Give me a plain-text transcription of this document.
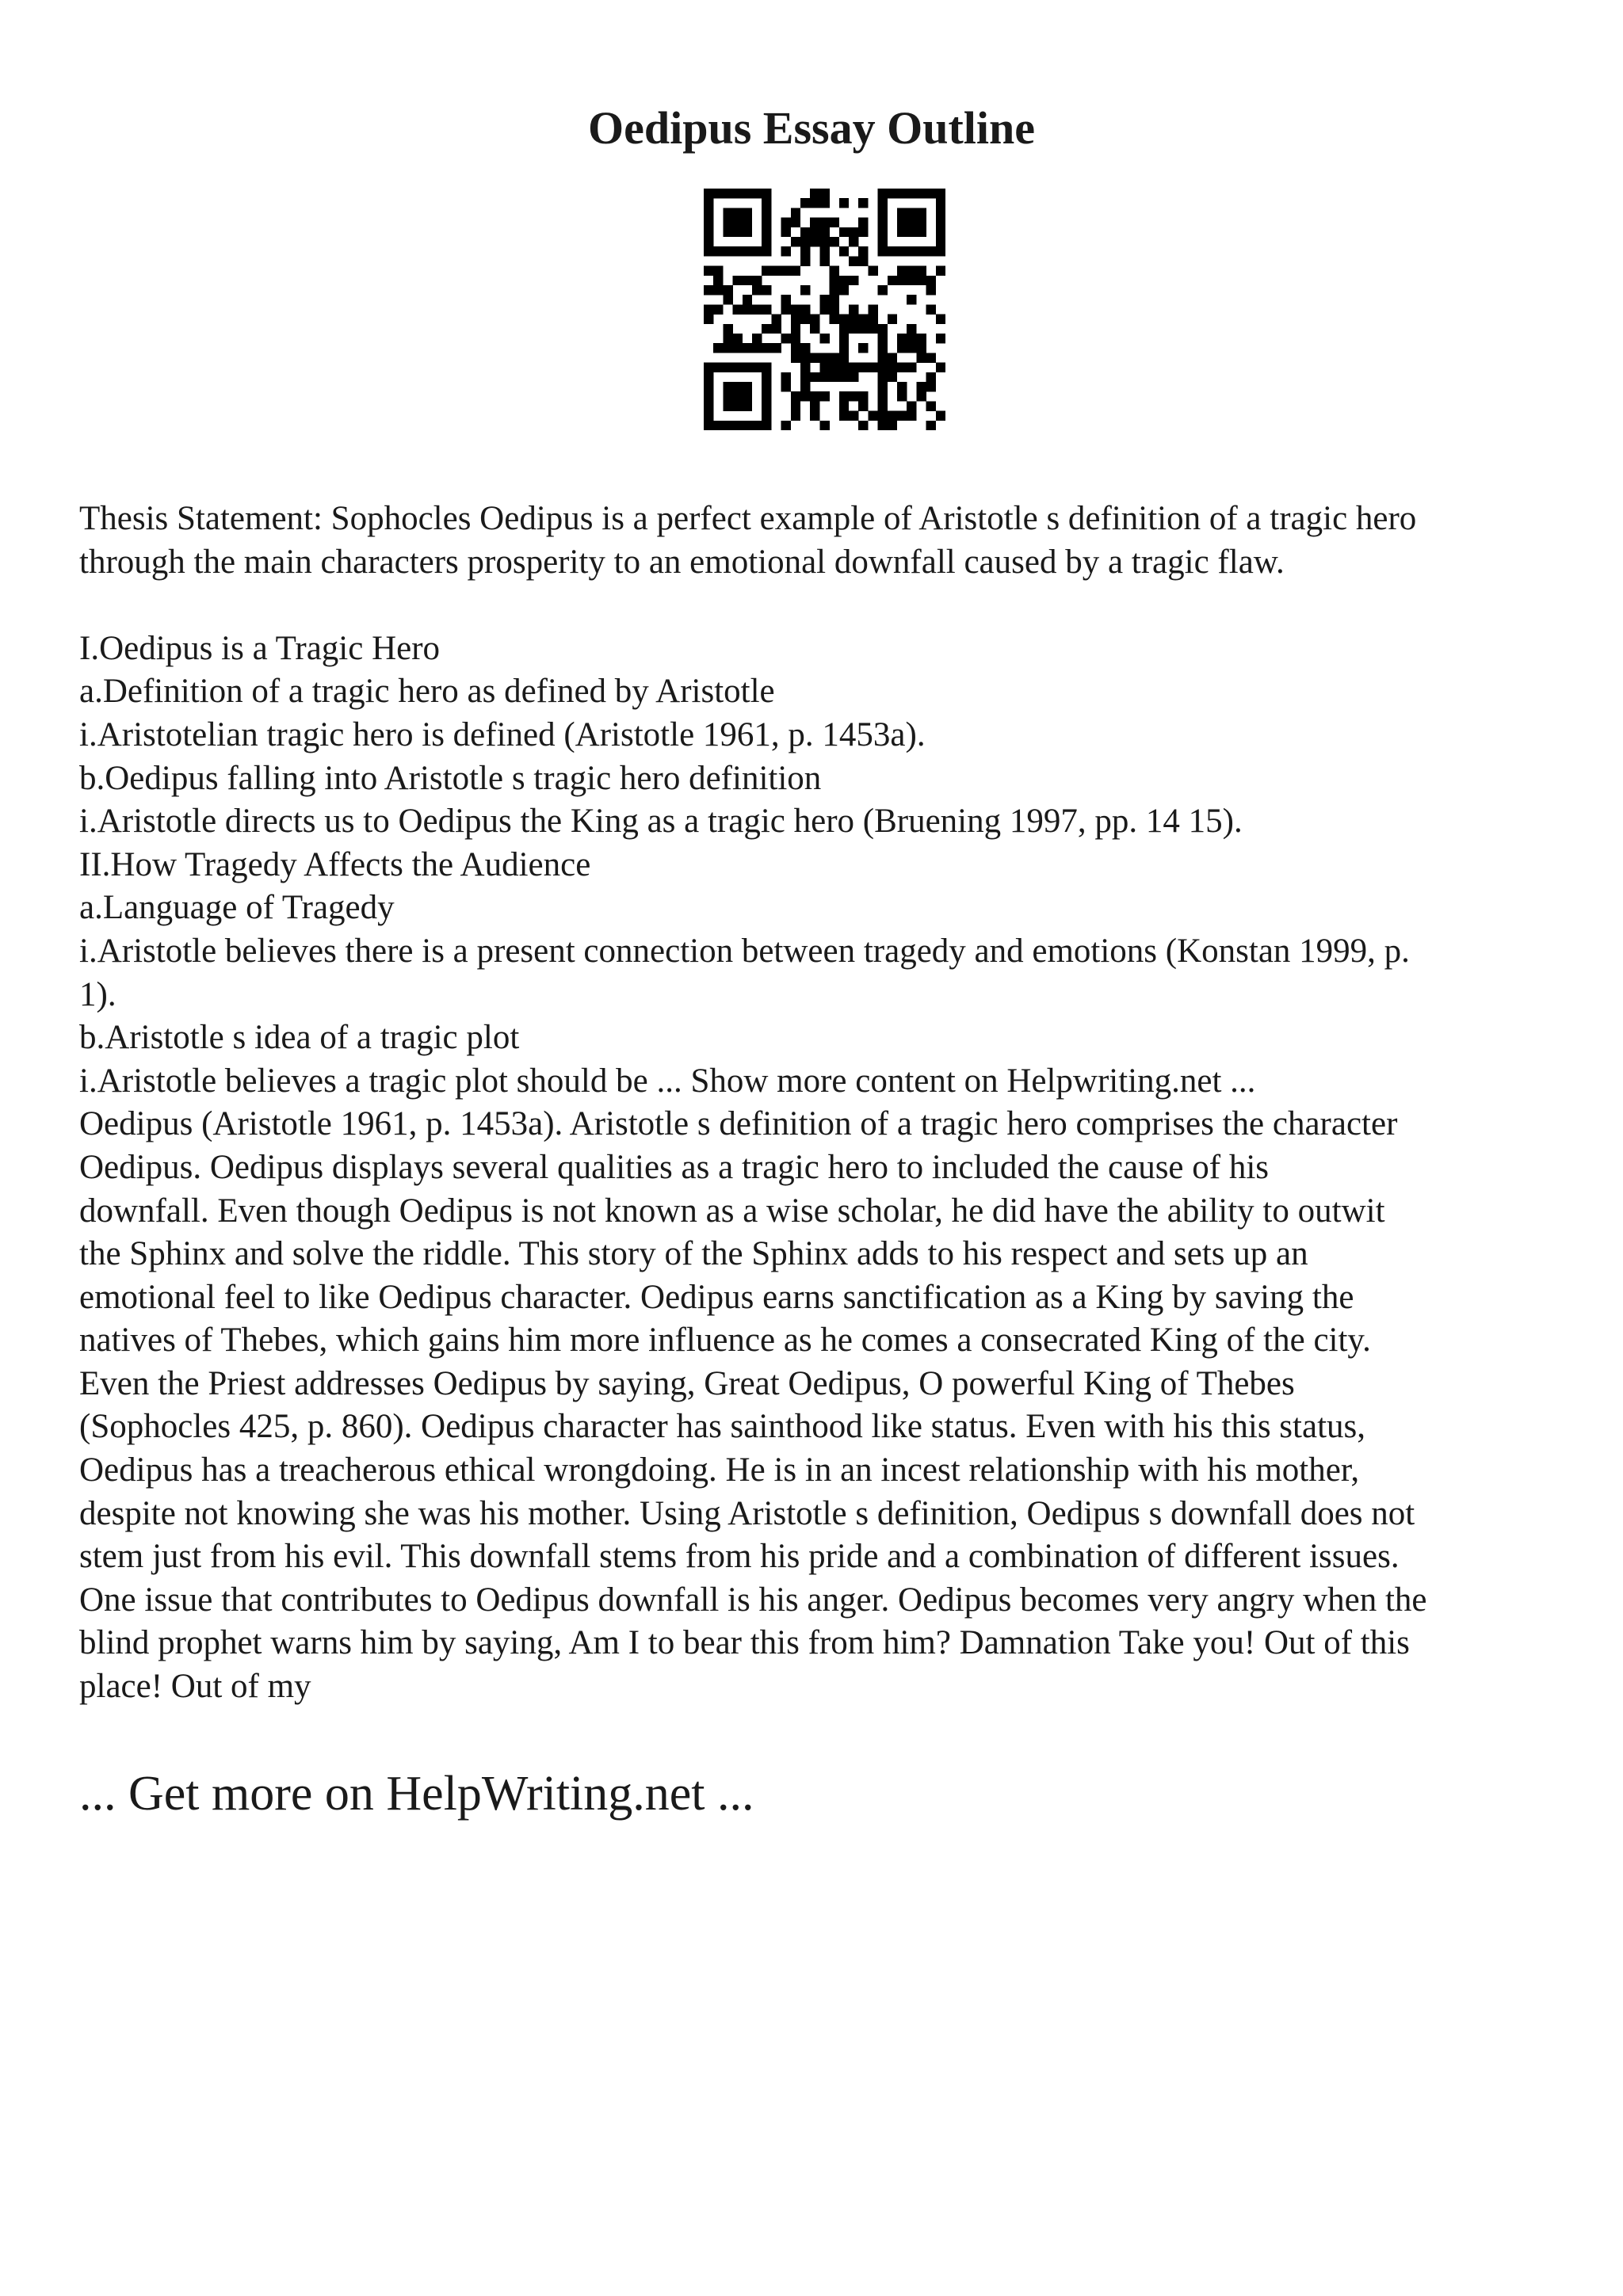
Oedipus Essay Outline
Thesis Statement: Sophocles Oedipus is a perfect example of Aristotle s definition of a tragic hero
through the main characters prosperity to an emotional downfall caused by a tragic flaw.
I.Oedipus is a Tragic Hero
a.Definition of a tragic hero as defined by Aristotle
i.Aristotelian tragic hero is defined (Aristotle 1961, p. 1453a).
b.Oedipus falling into Aristotle s tragic hero definition
i.Aristotle directs us to Oedipus the King as a tragic hero (Bruening 1997, pp. 14 15).
II.How Tragedy Affects the Audience
a.Language of Tragedy
i.Aristotle believes there is a present connection between tragedy and emotions (Konstan 1999, p.
1).
b.Aristotle s idea of a tragic plot
i.Aristotle believes a tragic plot should be ... Show more content on Helpwriting.net ...
Oedipus (Aristotle 1961, p. 1453a). Aristotle s definition of a tragic hero comprises the character
Oedipus. Oedipus displays several qualities as a tragic hero to included the cause of his
downfall. Even though Oedipus is not known as a wise scholar, he did have the ability to outwit
the Sphinx and solve the riddle. This story of the Sphinx adds to his respect and sets up an
emotional feel to like Oedipus character. Oedipus earns sanctification as a King by saving the
natives of Thebes, which gains him more influence as he comes a consecrated King of the city.
Even the Priest addresses Oedipus by saying, Great Oedipus, O powerful King of Thebes
(Sophocles 425, p. 860). Oedipus character has sainthood like status. Even with his this status,
Oedipus has a treacherous ethical wrongdoing. He is in an incest relationship with his mother,
despite not knowing she was his mother. Using Aristotle s definition, Oedipus s downfall does not
stem just from his evil. This downfall stems from his pride and a combination of different issues.
One issue that contributes to Oedipus downfall is his anger. Oedipus becomes very angry when the
blind prophet warns him by saying, Am I to bear this from him? Damnation Take you! Out of this
place! Out of my

... Get more on HelpWriting.net ...
